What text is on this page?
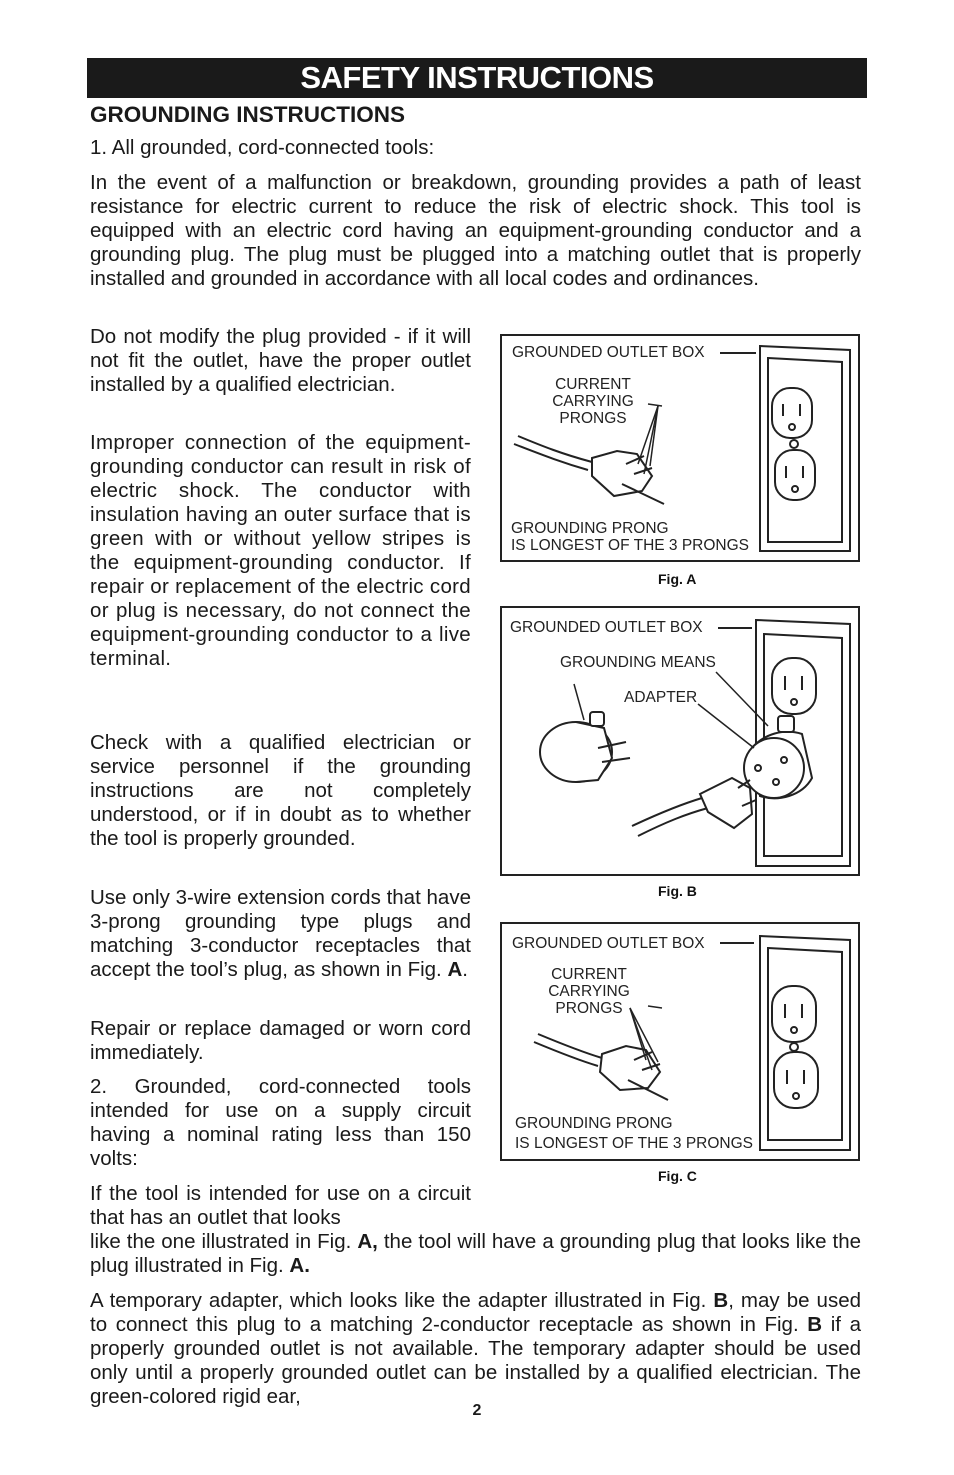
SAFETY INSTRUCTIONS
GROUNDING INSTRUCTIONS

1. All grounded, cord-connected tools:

In the event of a malfunction or breakdown, grounding provides a path of least resistance for electric current to reduce the risk of electric shock. This tool is equipped with an electric cord having an equipment-grounding conductor and a grounding plug. The plug must be plugged into a matching outlet that is properly installed and grounded in accordance with all local codes and ordinances.

Do not modify the plug provided - if it will not fit the outlet, have the proper outlet installed by a qualified electrician.

Improper connection of the equipment-grounding conductor can result in risk of electric shock. The conductor with insulation having an outer surface that is green with or without yellow stripes is the equipment-grounding conductor. If repair or replacement of the electric cord or plug is necessary, do not connect the equipment-grounding conductor to a live terminal.

Check with a qualified electrician or service personnel if the grounding instructions are not completely understood, or if in doubt as to whether the tool is properly grounded.

Use only 3-wire extension cords that have 3-prong grounding type plugs and matching 3-conductor receptacles that accept the tool’s plug, as shown in Fig. A.

Repair or replace damaged or worn cord immediately.

2. Grounded, cord-connected tools intended for use on a supply circuit having a nominal rating less than 150 volts:

If the tool is intended for use on a circuit that has an outlet that looks

like the one illustrated in Fig. A, the tool will have a grounding plug that looks like the plug illustrated in Fig. A.

A temporary adapter, which looks like the adapter illustrated in Fig. B, may be used to connect this plug to a matching 2-conductor receptacle as shown in Fig. B if a properly grounded outlet is not available. The temporary adapter should be used only until a properly grounded outlet can be installed by a qualified electrician. The green-colored rigid ear,

GROUNDED OUTLET BOX
CURRENT
CARRYING
PRONGS
GROUNDING PRONG
IS LONGEST OF THE 3 PRONGS
Fig. A
GROUNDED OUTLET BOX
GROUNDING MEANS
ADAPTER
Fig. B
GROUNDED OUTLET BOX
CURRENT
CARRYING
PRONGS
GROUNDING PRONG
IS LONGEST OF THE 3 PRONGS
Fig. C
2
